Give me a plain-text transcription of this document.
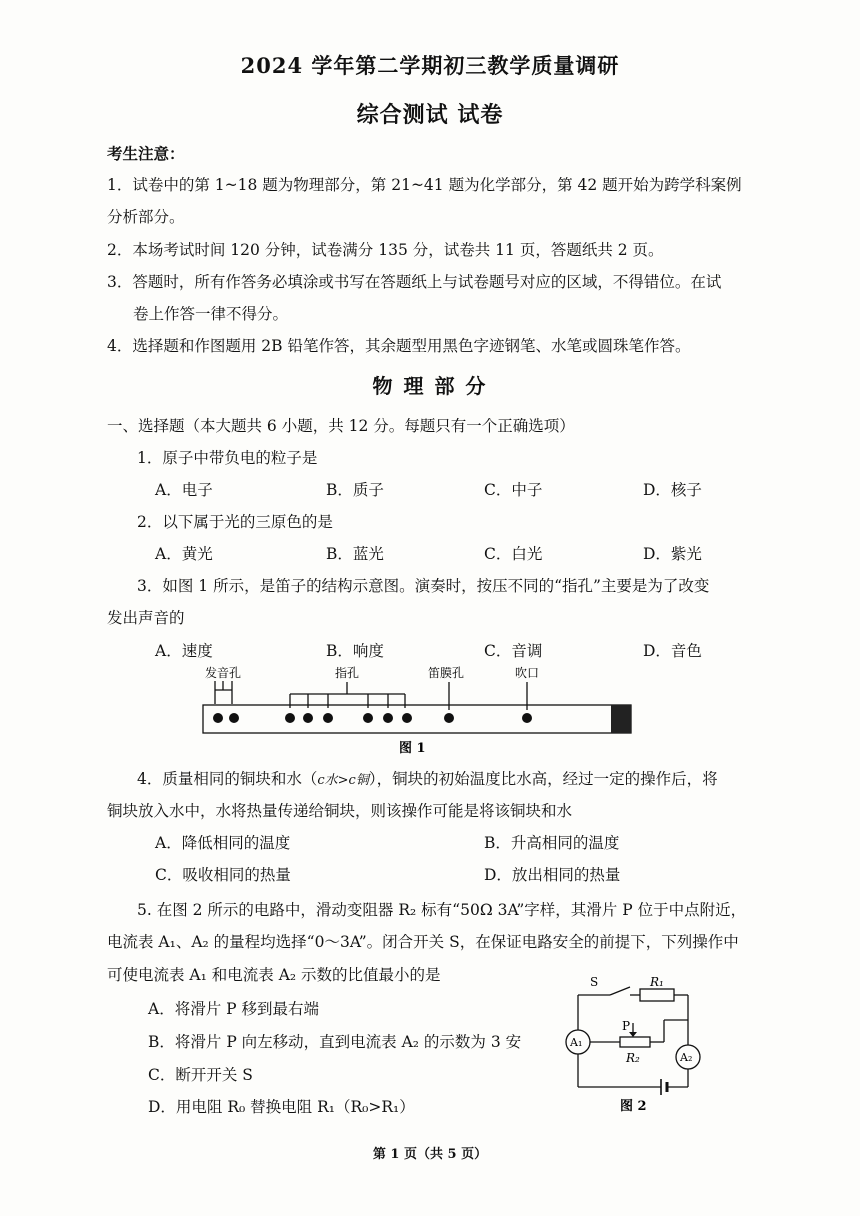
2024 学年第二学期初三教学质量调研
综合测试 试卷
考生注意：
1．试卷中的第 1~18 题为物理部分，第 21~41 题为化学部分，第 42 题开始为跨学科案例
分析部分。
2．本场考试时间 120 分钟，试卷满分 135 分，试卷共 11 页，答题纸共 2 页。
3．答题时，所有作答务必填涂或书写在答题纸上与试卷题号对应的区域，不得错位。在试
卷上作答一律不得分。
4．选择题和作图题用 2B 铅笔作答，其余题型用黑色字迹钢笔、水笔或圆珠笔作答。
物 理 部 分
一、选择题（本大题共 6 小题，共 12 分。每题只有一个正确选项）
1．原子中带负电的粒子是
A．电子	B．质子	C．中子	D．核子
2．以下属于光的三原色的是
A．黄光	B．蓝光	C．白光	D．紫光
3．如图 1 所示，是笛子的结构示意图。演奏时，按压不同的“指孔”主要是为了改变
发出声音的
A．速度	B．响度	C．音调	D．音色
发音孔	指孔	笛膜孔	吹口
图 1
4．质量相同的铜块和水（c水>c铜），铜块的初始温度比水高，经过一定的操作后，将
铜块放入水中，水将热量传递给铜块，则该操作可能是将该铜块和水
A．降低相同的温度	B．升高相同的温度
C．吸收相同的热量	D．放出相同的热量
5. 在图 2 所示的电路中，滑动变阻器 R₂ 标有“50Ω 3A”字样，其滑片 P 位于中点附近，
电流表 A₁、A₂ 的量程均选择“0～3A”。闭合开关 S，在保证电路安全的前提下，下列操作中
可使电流表 A₁ 和电流表 A₂ 示数的比值最小的是
A．将滑片 P 移到最右端
B．将滑片 P 向左移动，直到电流表 A₂ 的示数为 3 安
C．断开开关 S
D．用电阻 R₀ 替换电阻 R₁（R₀>R₁）
S	R₁
P
R₂
A₁
A₂
图 2
第 1 页（共 5 页）
